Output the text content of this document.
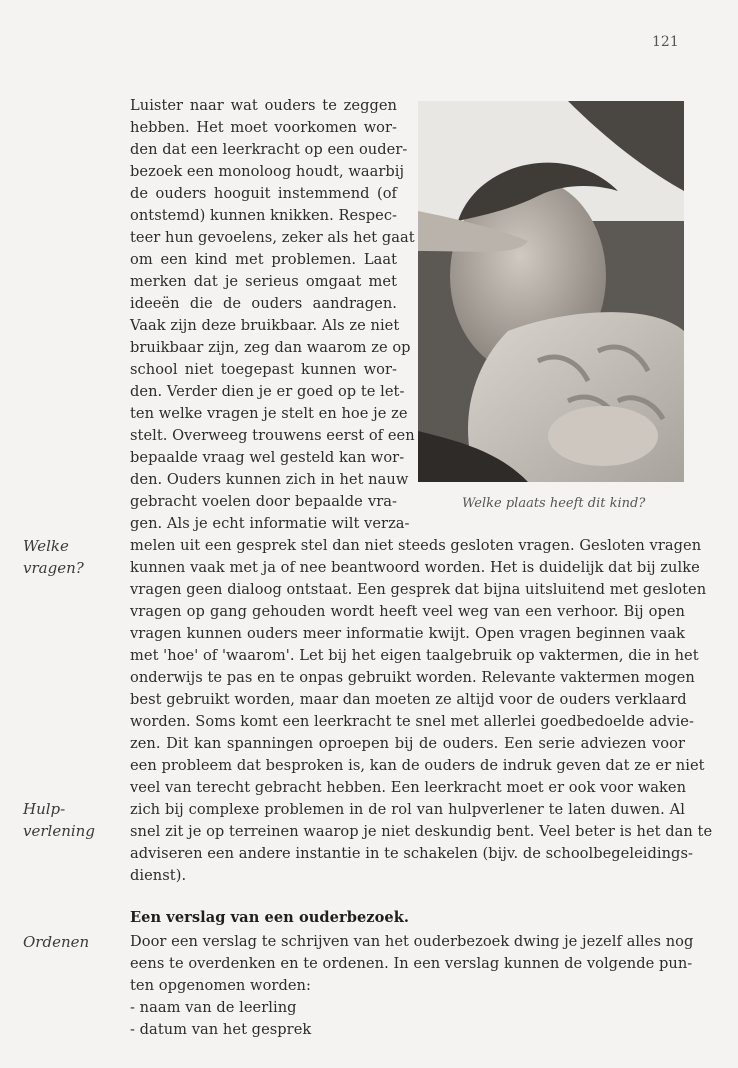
121
Luister naar wat ouders te zeggen
hebben. Het moet voorkomen wor-
den dat een leerkracht op een ouder-
bezoek een monoloog houdt, waarbij
de ouders hooguit instemmend (of
ontstemd) kunnen knikken. Respec-
teer hun gevoelens, zeker als het gaat
om een kind met problemen. Laat
merken dat je serieus omgaat met
ideeën die de ouders aandragen.
Vaak zijn deze bruikbaar. Als ze niet
bruikbaar zijn, zeg dan waarom ze op
school niet toegepast kunnen wor-
den. Verder dien je er goed op te let-
ten welke vragen je stelt en hoe je ze
stelt. Overweeg trouwens eerst of een
bepaalde vraag wel gesteld kan wor-
den. Ouders kunnen zich in het nauw
gebracht voelen door bepaalde vra-
gen. Als je echt informatie wilt verza-
Welke plaats heeft dit kind?
Welke
vragen?
Hulp-
verlening
Ordenen
melen uit een gesprek stel dan niet steeds gesloten vragen. Gesloten vragen
kunnen vaak met ja of nee beantwoord worden. Het is duidelijk dat bij zulke
vragen geen dialoog ontstaat. Een gesprek dat bijna uitsluitend met gesloten
vragen op gang gehouden wordt heeft veel weg van een verhoor. Bij open
vragen kunnen ouders meer informatie kwijt. Open vragen beginnen vaak
met 'hoe' of 'waarom'. Let bij het eigen taalgebruik op vaktermen, die in het
onderwijs te pas en te onpas gebruikt worden. Relevante vaktermen mogen
best gebruikt worden, maar dan moeten ze altijd voor de ouders verklaard
worden. Soms komt een leerkracht te snel met allerlei goedbedoelde advie-
zen. Dit kan spanningen oproepen bij de ouders. Een serie adviezen voor
een probleem dat besproken is, kan de ouders de indruk geven dat ze er niet
veel van terecht gebracht hebben. Een leerkracht moet er ook voor waken
zich bij complexe problemen in de rol van hulpverlener te laten duwen. Al
snel zit je op terreinen waarop je niet deskundig bent. Veel beter is het dan te
adviseren een andere instantie in te schakelen (bijv. de schoolbegeleidings-
dienst).
Een verslag van een ouderbezoek.
Door een verslag te schrijven van het ouderbezoek dwing je jezelf alles nog
eens te overdenken en te ordenen. In een verslag kunnen de volgende pun-
ten opgenomen worden:
- naam van de leerling
- datum van het gesprek
